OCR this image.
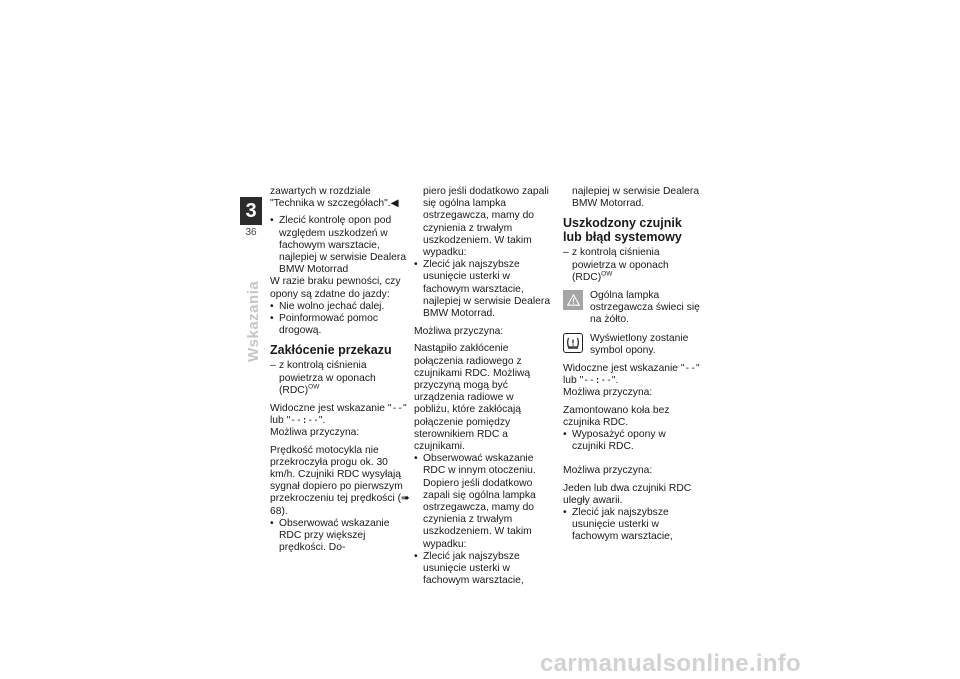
3
36
Wskazania

zawartych w rozdziale "Technika w szczegółach".◀

• Zlecić kontrolę opon pod względem uszkodzeń w fachowym warsztacie, najlepiej w serwisie Dealera BMW Motorrad

W razie braku pewności, czy opony są zdatne do jazdy:

• Nie wolno jechać dalej.

• Poinformować pomoc drogową.

Zakłócenie przekazu

– z kontrolą ciśnienia powietrza w oponach (RDC)$^{OW}$

Widoczne jest wskazanie "--" lub "--:--".

Możliwa przyczyna:

Prędkość motocykla nie przekroczyła progu ok. 30 km/h. Czujniki RDC wysyłają sygnał dopiero po pierwszym przekroczeniu tej prędkości (➠ 68).

• Obserwować wskazanie RDC przy większej prędkości. Do-

piero jeśli dodatkowo zapali się ogólna lampka ostrzegawcza, mamy do czynienia z trwałym uszkodzeniem. W takim wypadku:

• Zlecić jak najszybsze usunięcie usterki w fachowym warsztacie, najlepiej w serwisie Dealera BMW Motorrad.

Możliwa przyczyna:

Nastąpiło zakłócenie połączenia radiowego z czujnikami RDC. Możliwą przyczyną mogą być urządzenia radiowe w pobliżu, które zakłócają połączenie pomiędzy sterownikiem RDC a czujnikami.

• Obserwować wskazanie RDC w innym otoczeniu. Dopiero jeśli dodatkowo zapali się ogólna lampka ostrzegawcza, mamy do czynienia z trwałym uszkodzeniem. W takim wypadku:

• Zlecić jak najszybsze usunięcie usterki w fachowym warsztacie,

najlepiej w serwisie Dealera BMW Motorrad.

Uszkodzony czujnik lub błąd systemowy

– z kontrolą ciśnienia powietrza w oponach (RDC)$^{OW}$

Ogólna lampka ostrzegawcza świeci się na żółto.
Wyświetlony zostanie symbol opony.

Widoczne jest wskazanie "--" lub "--:--".

Możliwa przyczyna:

Zamontowano koła bez czujnika RDC.

• Wyposażyć opony w czujniki RDC.

Możliwa przyczyna:

Jeden lub dwa czujniki RDC uległy awarii.

• Zlecić jak najszybsze usunięcie usterki w fachowym warsztacie,

carmanualsonline.info
